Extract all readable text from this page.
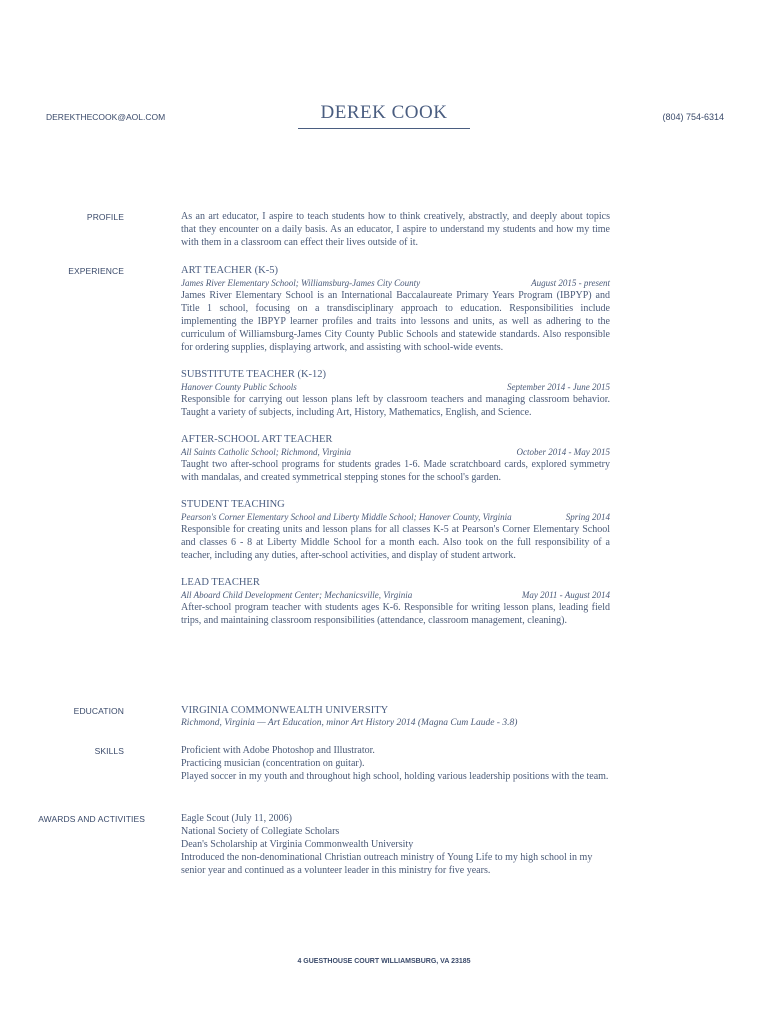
DEREKTHECOOK@AOL.COM	DEREK COOK	(804) 754-6314
PROFILE	As an art educator, I aspire to teach students how to think creatively, abstractly, and deeply about topics that they encounter on a daily basis. As an educator, I aspire to understand my students and how my time with them in a classroom can effect their lives outside of it.
EXPERIENCE	ART TEACHER (K-5)
James River Elementary School; Williamsburg-James City County	August 2015 - present
James River Elementary School is an International Baccalaureate Primary Years Program (IBPYP) and Title 1 school, focusing on a transdisciplinary approach to education. Responsibilities include implementing the IBPYP learner profiles and traits into lessons and units, as well as adhering to the curriculum of Williamsburg-James City County Public Schools and statewide standards. Also responsible for ordering supplies, displaying artwork, and assisting with school-wide events.
SUBSTITUTE TEACHER (K-12)
Hanover County Public Schools	September 2014 - June 2015
Responsible for carrying out lesson plans left by classroom teachers and managing classroom behavior. Taught a variety of subjects, including Art, History, Mathematics, English, and Science.
AFTER-SCHOOL ART TEACHER
All Saints Catholic School; Richmond, Virginia	October 2014 - May 2015
Taught two after-school programs for students grades 1-6. Made scratchboard cards, explored symmetry with mandalas, and created symmetrical stepping stones for the school's garden.
STUDENT TEACHING
Pearson's Corner Elementary School and Liberty Middle School; Hanover County, Virginia	Spring 2014
Responsible for creating units and lesson plans for all classes K-5 at Pearson's Corner Elementary School and classes 6 - 8 at Liberty Middle School for a month each. Also took on the full responsibility of a teacher, including any duties, after-school activities, and display of student artwork.
LEAD TEACHER
All Aboard Child Development Center; Mechanicsville, Virginia	May 2011 - August 2014
After-school program teacher with students ages K-6. Responsible for writing lesson plans, leading field trips, and maintaining classroom responsibilities (attendance, classroom management, cleaning).
EDUCATION	VIRGINIA COMMONWEALTH UNIVERSITY
Richmond, Virginia — Art Education, minor Art History 2014 (Magna Cum Laude - 3.8)
SKILLS	Proficient with Adobe Photoshop and Illustrator.
Practicing musician (concentration on guitar).
Played soccer in my youth and throughout high school, holding various leadership positions with the team.
AWARDS AND ACTIVITIES	Eagle Scout (July 11, 2006)
National Society of Collegiate Scholars
Dean's Scholarship at Virginia Commonwealth University
Introduced the non-denominational Christian outreach ministry of Young Life to my high school in my senior year and continued as a volunteer leader in this ministry for five years.
4 GUESTHOUSE COURT WILLIAMSBURG, VA 23185
